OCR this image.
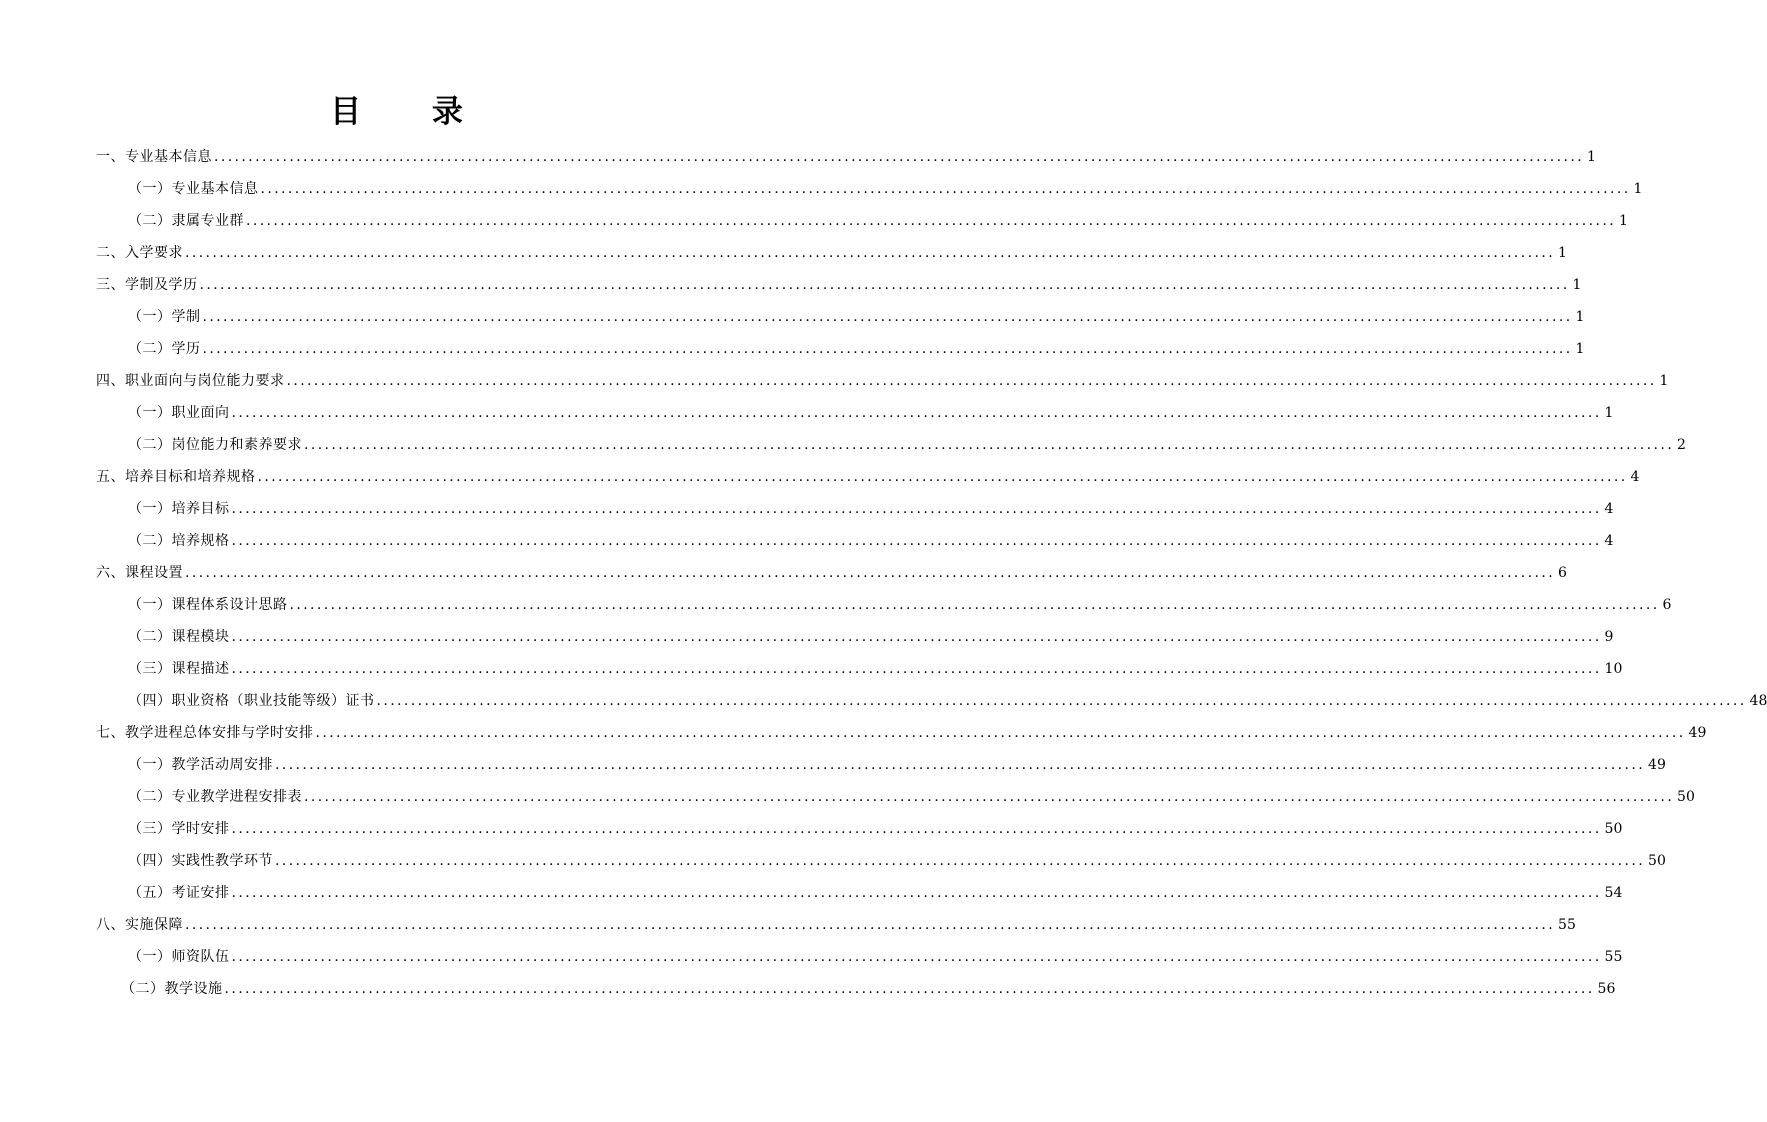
目 录
一、专业基本信息 ........................................................................................................................................................................................................ 1
（一）专业基本信息 ........................................................................................................................................................................................................ 1
（二）隶属专业群 ........................................................................................................................................................................................................ 1
二、入学要求 ........................................................................................................................................................................................................ 1
三、学制及学历 ........................................................................................................................................................................................................ 1
（一）学制 ........................................................................................................................................................................................................ 1
（二）学历 ........................................................................................................................................................................................................ 1
四、职业面向与岗位能力要求 ........................................................................................................................................................................................................ 1
（一）职业面向 ........................................................................................................................................................................................................ 1
（二）岗位能力和素养要求 ........................................................................................................................................................................................................ 2
五、培养目标和培养规格 ........................................................................................................................................................................................................ 4
（一）培养目标 ........................................................................................................................................................................................................ 4
（二）培养规格 ........................................................................................................................................................................................................ 4
六、课程设置 ........................................................................................................................................................................................................ 6
（一）课程体系设计思路 ........................................................................................................................................................................................................ 6
（二）课程模块 ........................................................................................................................................................................................................ 9
（三）课程描述 ........................................................................................................................................................................................................ 10
（四）职业资格（职业技能等级）证书 ........................................................................................................................................................................................................ 48
七、教学进程总体安排与学时安排 ........................................................................................................................................................................................................ 49
（一）教学活动周安排 ........................................................................................................................................................................................................ 49
（二）专业教学进程安排表 ........................................................................................................................................................................................................ 50
（三）学时安排 ........................................................................................................................................................................................................ 50
（四）实践性教学环节 ........................................................................................................................................................................................................ 50
（五）考证安排 ........................................................................................................................................................................................................ 54
八、实施保障 ........................................................................................................................................................................................................ 55
（一）师资队伍 ........................................................................................................................................................................................................ 55
（二）教学设施 ........................................................................................................................................................................................................ 56
